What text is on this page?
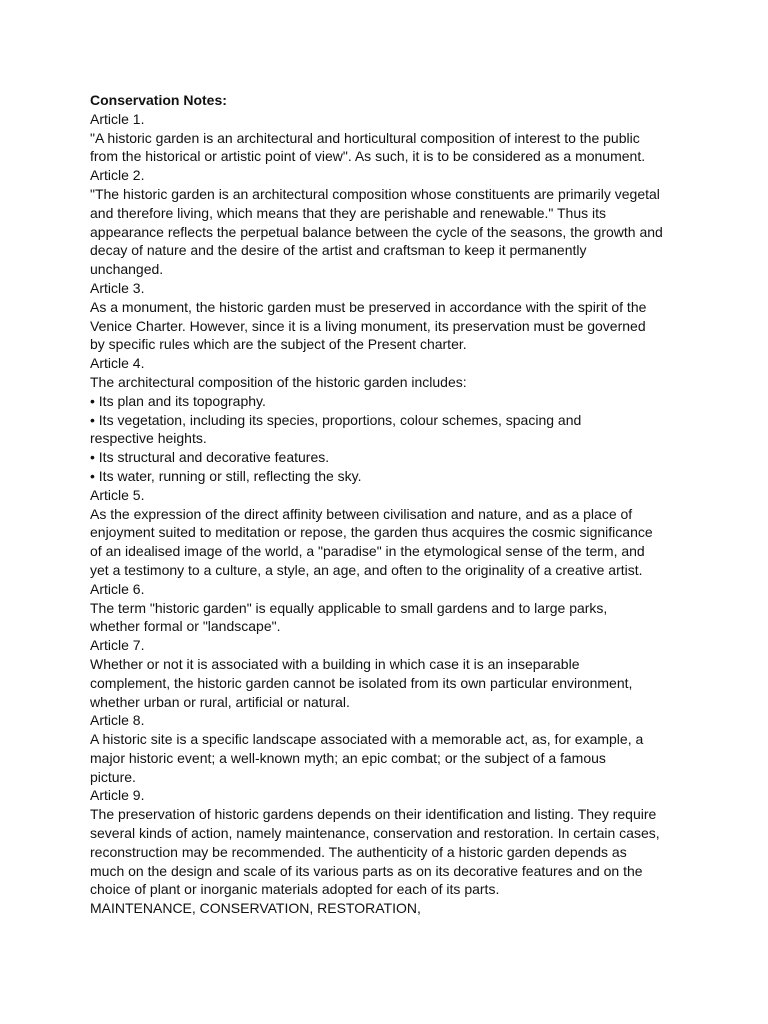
Conservation Notes:
Article 1.
"A historic garden is an architectural and horticultural composition of interest to the public
from the historical or artistic point of view". As such, it is to be considered as a monument.
Article 2.
"The historic garden is an architectural composition whose constituents are primarily vegetal
and therefore living, which means that they are perishable and renewable." Thus its
appearance reflects the perpetual balance between the cycle of the seasons, the growth and
decay of nature and the desire of the artist and craftsman to keep it permanently
unchanged.
Article 3.
As a monument, the historic garden must be preserved in accordance with the spirit of the
Venice Charter. However, since it is a living monument, its preservation must be governed
by specific rules which are the subject of the Present charter.
Article 4.
The architectural composition of the historic garden includes:
• Its plan and its topography.
• Its vegetation, including its species, proportions, colour schemes, spacing and
respective heights.
• Its structural and decorative features.
• Its water, running or still, reflecting the sky.
Article 5.
As the expression of the direct affinity between civilisation and nature, and as a place of
enjoyment suited to meditation or repose, the garden thus acquires the cosmic significance
of an idealised image of the world, a "paradise" in the etymological sense of the term, and
yet a testimony to a culture, a style, an age, and often to the originality of a creative artist.
Article 6.
The term "historic garden" is equally applicable to small gardens and to large parks,
whether formal or "landscape".
Article 7.
Whether or not it is associated with a building in which case it is an inseparable
complement, the historic garden cannot be isolated from its own particular environment,
whether urban or rural, artificial or natural.
Article 8.
A historic site is a specific landscape associated with a memorable act, as, for example, a
major historic event; a well-known myth; an epic combat; or the subject of a famous
picture.
Article 9.
The preservation of historic gardens depends on their identification and listing. They require
several kinds of action, namely maintenance, conservation and restoration. In certain cases,
reconstruction may be recommended. The authenticity of a historic garden depends as
much on the design and scale of its various parts as on its decorative features and on the
choice of plant or inorganic materials adopted for each of its parts.
MAINTENANCE, CONSERVATION, RESTORATION,
